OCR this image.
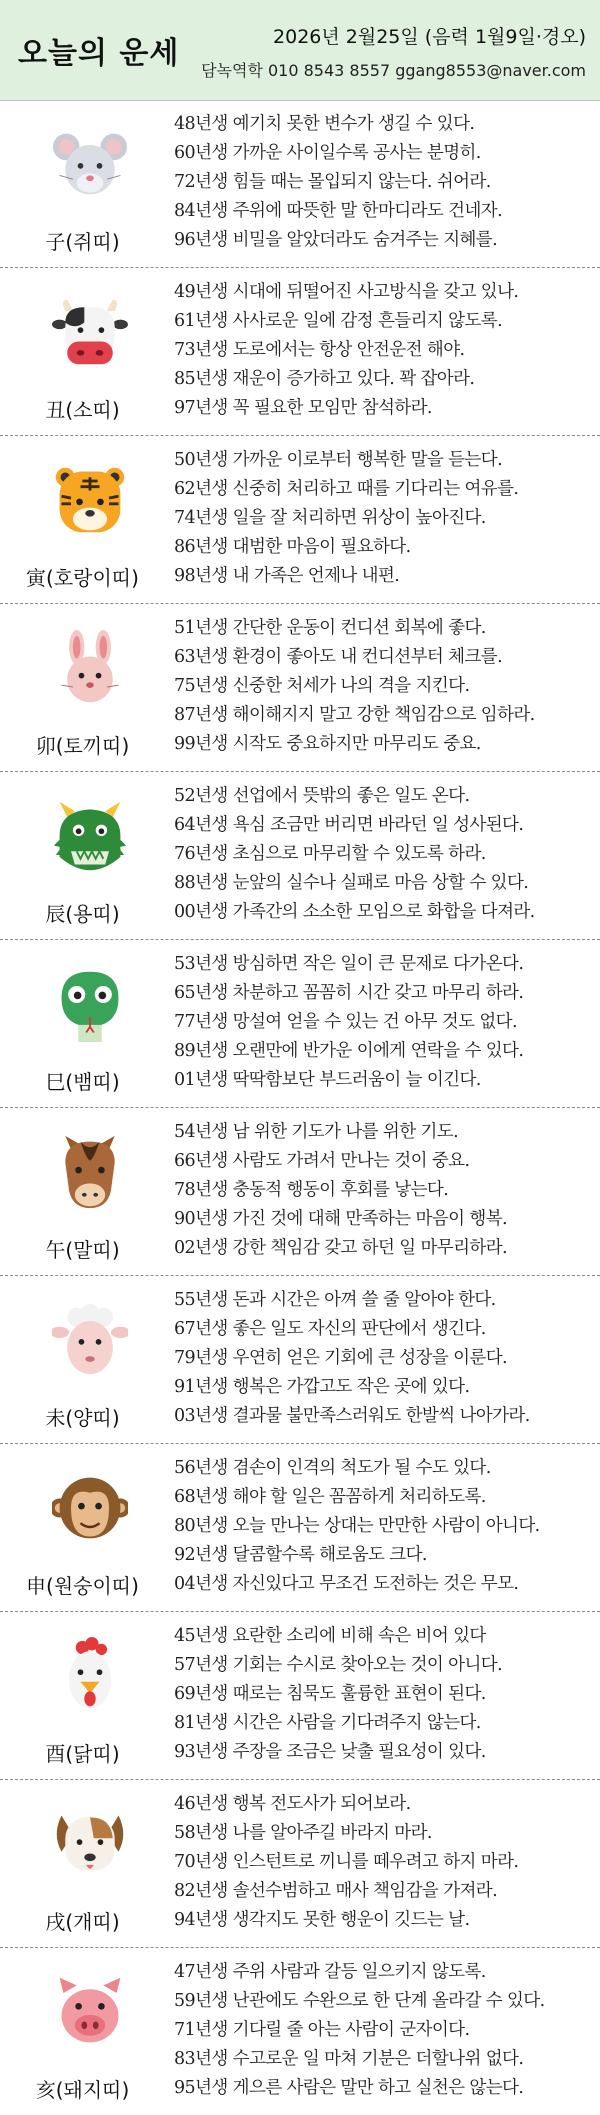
오늘의 운세	2026년 2월25일 (음력 1월9일·경오)
담녹역학 010 8543 8557 ggang8553@naver.com
子(쥐띠)
48년생 예기치 못한 변수가 생길 수 있다.
60년생 가까운 사이일수록 공사는 분명히.
72년생 힘들 때는 몰입되지 않는다. 쉬어라.
84년생 주위에 따뜻한 말 한마디라도 건네자.
96년생 비밀을 알았더라도 숨겨주는 지혜를.
丑(소띠)
49년생 시대에 뒤떨어진 사고방식을 갖고 있나.
61년생 사사로운 일에 감정 흔들리지 않도록.
73년생 도로에서는 항상 안전운전 해야.
85년생 재운이 증가하고 있다. 꽉 잡아라.
97년생 꼭 필요한 모임만 참석하라.
寅(호랑이띠)
50년생 가까운 이로부터 행복한 말을 듣는다.
62년생 신중히 처리하고 때를 기다리는 여유를.
74년생 일을 잘 처리하면 위상이 높아진다.
86년생 대범한 마음이 필요하다.
98년생 내 가족은 언제나 내편.
卯(토끼띠)
51년생 간단한 운동이 컨디션 회복에 좋다.
63년생 환경이 좋아도 내 컨디션부터 체크를.
75년생 신중한 처세가 나의 격을 지킨다.
87년생 해이해지지 말고 강한 책임감으로 임하라.
99년생 시작도 중요하지만 마무리도 중요.
辰(용띠)
52년생 선업에서 뜻밖의 좋은 일도 온다.
64년생 욕심 조금만 버리면 바라던 일 성사된다.
76년생 초심으로 마무리할 수 있도록 하라.
88년생 눈앞의 실수나 실패로 마음 상할 수 있다.
00년생 가족간의 소소한 모임으로 화합을 다져라.
巳(뱀띠)
53년생 방심하면 작은 일이 큰 문제로 다가온다.
65년생 차분하고 꼼꼼히 시간 갖고 마무리 하라.
77년생 망설여 얻을 수 있는 건 아무 것도 없다.
89년생 오랜만에 반가운 이에게 연락을 수 있다.
01년생 딱딱함보단 부드러움이 늘 이긴다.
午(말띠)
54년생 남 위한 기도가 나를 위한 기도.
66년생 사람도 가려서 만나는 것이 중요.
78년생 충동적 행동이 후회를 낳는다.
90년생 가진 것에 대해 만족하는 마음이 행복.
02년생 강한 책임감 갖고 하던 일 마무리하라.
未(양띠)
55년생 돈과 시간은 아껴 쓸 줄 알아야 한다.
67년생 좋은 일도 자신의 판단에서 생긴다.
79년생 우연히 얻은 기회에 큰 성장을 이룬다.
91년생 행복은 가깝고도 작은 곳에 있다.
03년생 결과물 불만족스러워도 한발씩 나아가라.
申(원숭이띠)
56년생 겸손이 인격의 척도가 될 수도 있다.
68년생 해야 할 일은 꼼꼼하게 처리하도록.
80년생 오늘 만나는 상대는 만만한 사람이 아니다.
92년생 달콤할수록 해로움도 크다.
04년생 자신있다고 무조건 도전하는 것은 무모.
酉(닭띠)
45년생 요란한 소리에 비해 속은 비어 있다
57년생 기회는 수시로 찾아오는 것이 아니다.
69년생 때로는 침묵도 훌륭한 표현이 된다.
81년생 시간은 사람을 기다려주지 않는다.
93년생 주장을 조금은 낮출 필요성이 있다.
戌(개띠)
46년생 행복 전도사가 되어보라.
58년생 나를 알아주길 바라지 마라.
70년생 인스턴트로 끼니를 떼우려고 하지 마라.
82년생 솔선수범하고 매사 책임감을 가져라.
94년생 생각지도 못한 행운이 깃드는 날.
亥(돼지띠)
47년생 주위 사람과 갈등 일으키지 않도록.
59년생 난관에도 수완으로 한 단계 올라갈 수 있다.
71년생 기다릴 줄 아는 사람이 군자이다.
83년생 수고로운 일 마쳐 기분은 더할나위 없다.
95년생 게으른 사람은 말만 하고 실천은 않는다.
